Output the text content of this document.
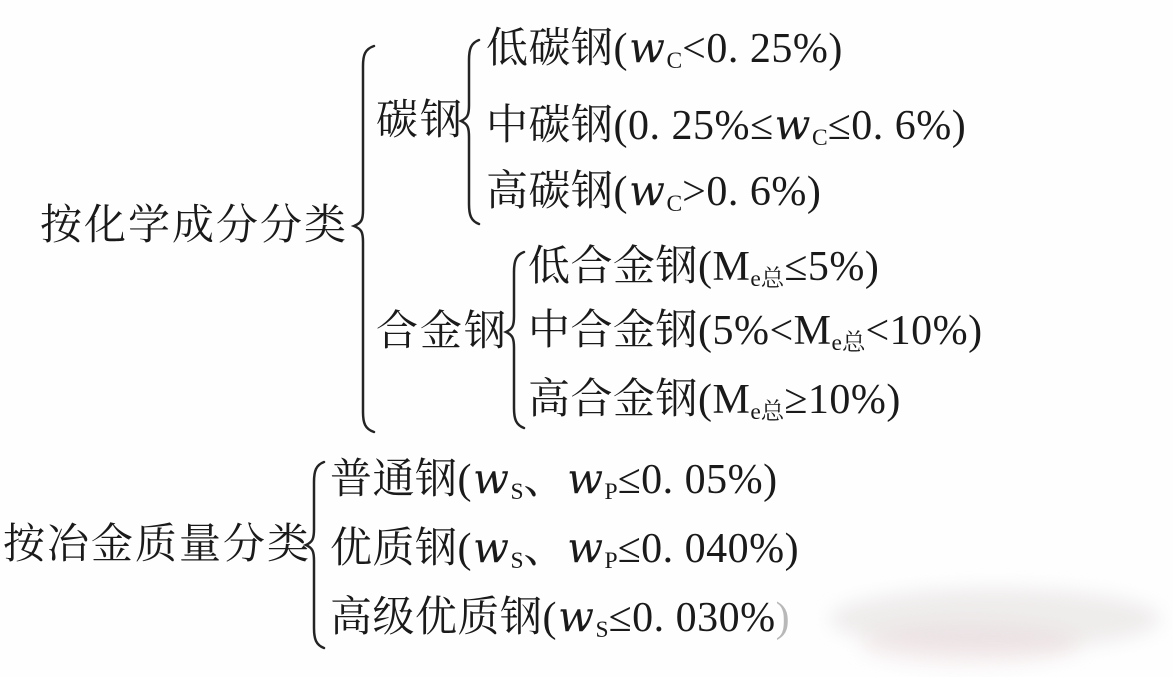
按化学成分分类
碳钢
低碳钢(wC<0. 25%)
中碳钢(0. 25%≤wC≤0. 6%)
高碳钢(wC>0. 6%)
合金钢
低合金钢(Me总≤5%)
中合金钢(5%<Me总<10%)
高合金钢(Me总≥10%)
按冶金质量分类
普通钢(wS、wP≤0. 05%)
优质钢(wS、wP≤0. 040%)
高级优质钢(wS≤0. 030%)
